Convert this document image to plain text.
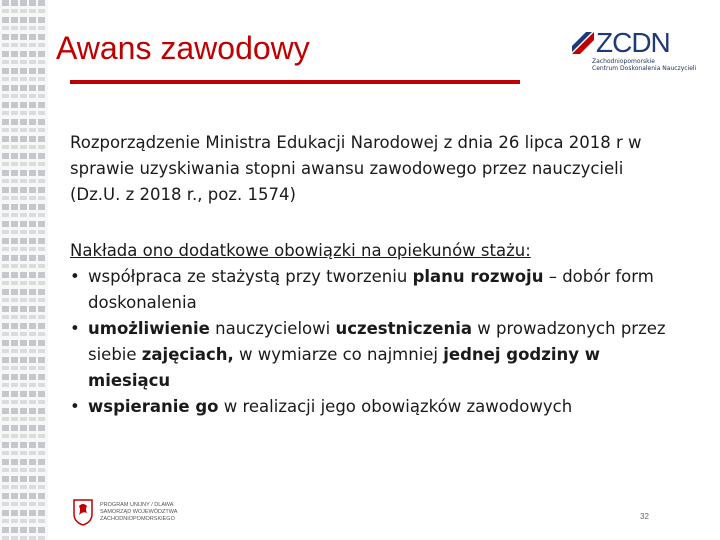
Awans zawodowy	ZCDN
Zachodniopomorskie
Centrum Doskonalenia Nauczycieli

Rozporządzenie Ministra Edukacji Narodowej z dnia 26 lipca 2018 r w sprawie uzyskiwania stopni awansu zawodowego przez nauczycieli (Dz.U. z 2018 r., poz. 1574)

Nakłada ono dodatkowe obowiązki na opiekunów stażu:

• współpraca ze stażystą przy tworzeniu planu rozwoju – dobór form doskonalenia
• umożliwienie nauczycielowi uczestniczenia w prowadzonych przez siebie zajęciach, w wymiarze co najmniej jednej godziny w miesiącu
• wspieranie go w realizacji jego obowiązków zawodowych
PROGRAM UNIJNY / DLAWA
SAMORZĄD WOJEWÓDZTWA
ZACHODNIOPOMORSKIEGO	32
